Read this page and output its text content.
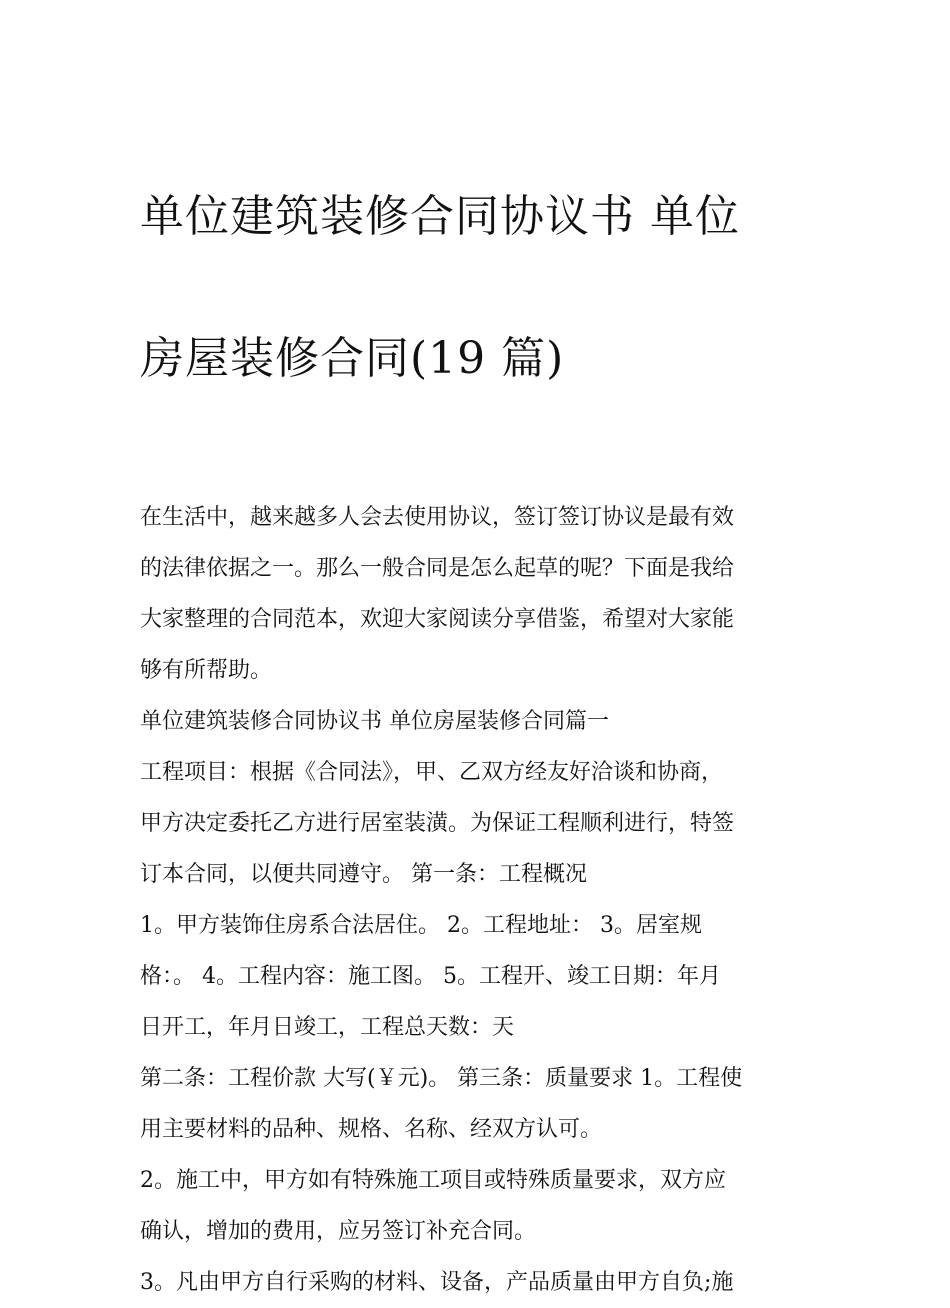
单位建筑装修合同协议书 单位

房屋装修合同(19 篇)

在生活中，越来越多人会去使用协议，签订签订协议是最有效
的法律依据之一。那么一般合同是怎么起草的呢？下面是我给
大家整理的合同范本，欢迎大家阅读分享借鉴，希望对大家能
够有所帮助。

单位建筑装修合同协议书 单位房屋装修合同篇一

工程项目：根据《合同法》，甲、乙双方经友好洽谈和协商，
甲方决定委托乙方进行居室装潢。为保证工程顺利进行，特签
订本合同，以便共同遵守。 第一条：工程概况

1。甲方装饰住房系合法居住。 2。工程地址： 3。居室规
格：。 4。工程内容：施工图。 5。工程开、竣工日期：年月
日开工，年月日竣工，工程总天数：天

第二条：工程价款 大写(￥元)。 第三条：质量要求 1。工程使
用主要材料的品种、规格、名称、经双方认可。

2。施工中，甲方如有特殊施工项目或特殊质量要求，双方应
确认，增加的费用，应另签订补充合同。

3。凡由甲方自行采购的材料、设备，产品质量由甲方自负;施
